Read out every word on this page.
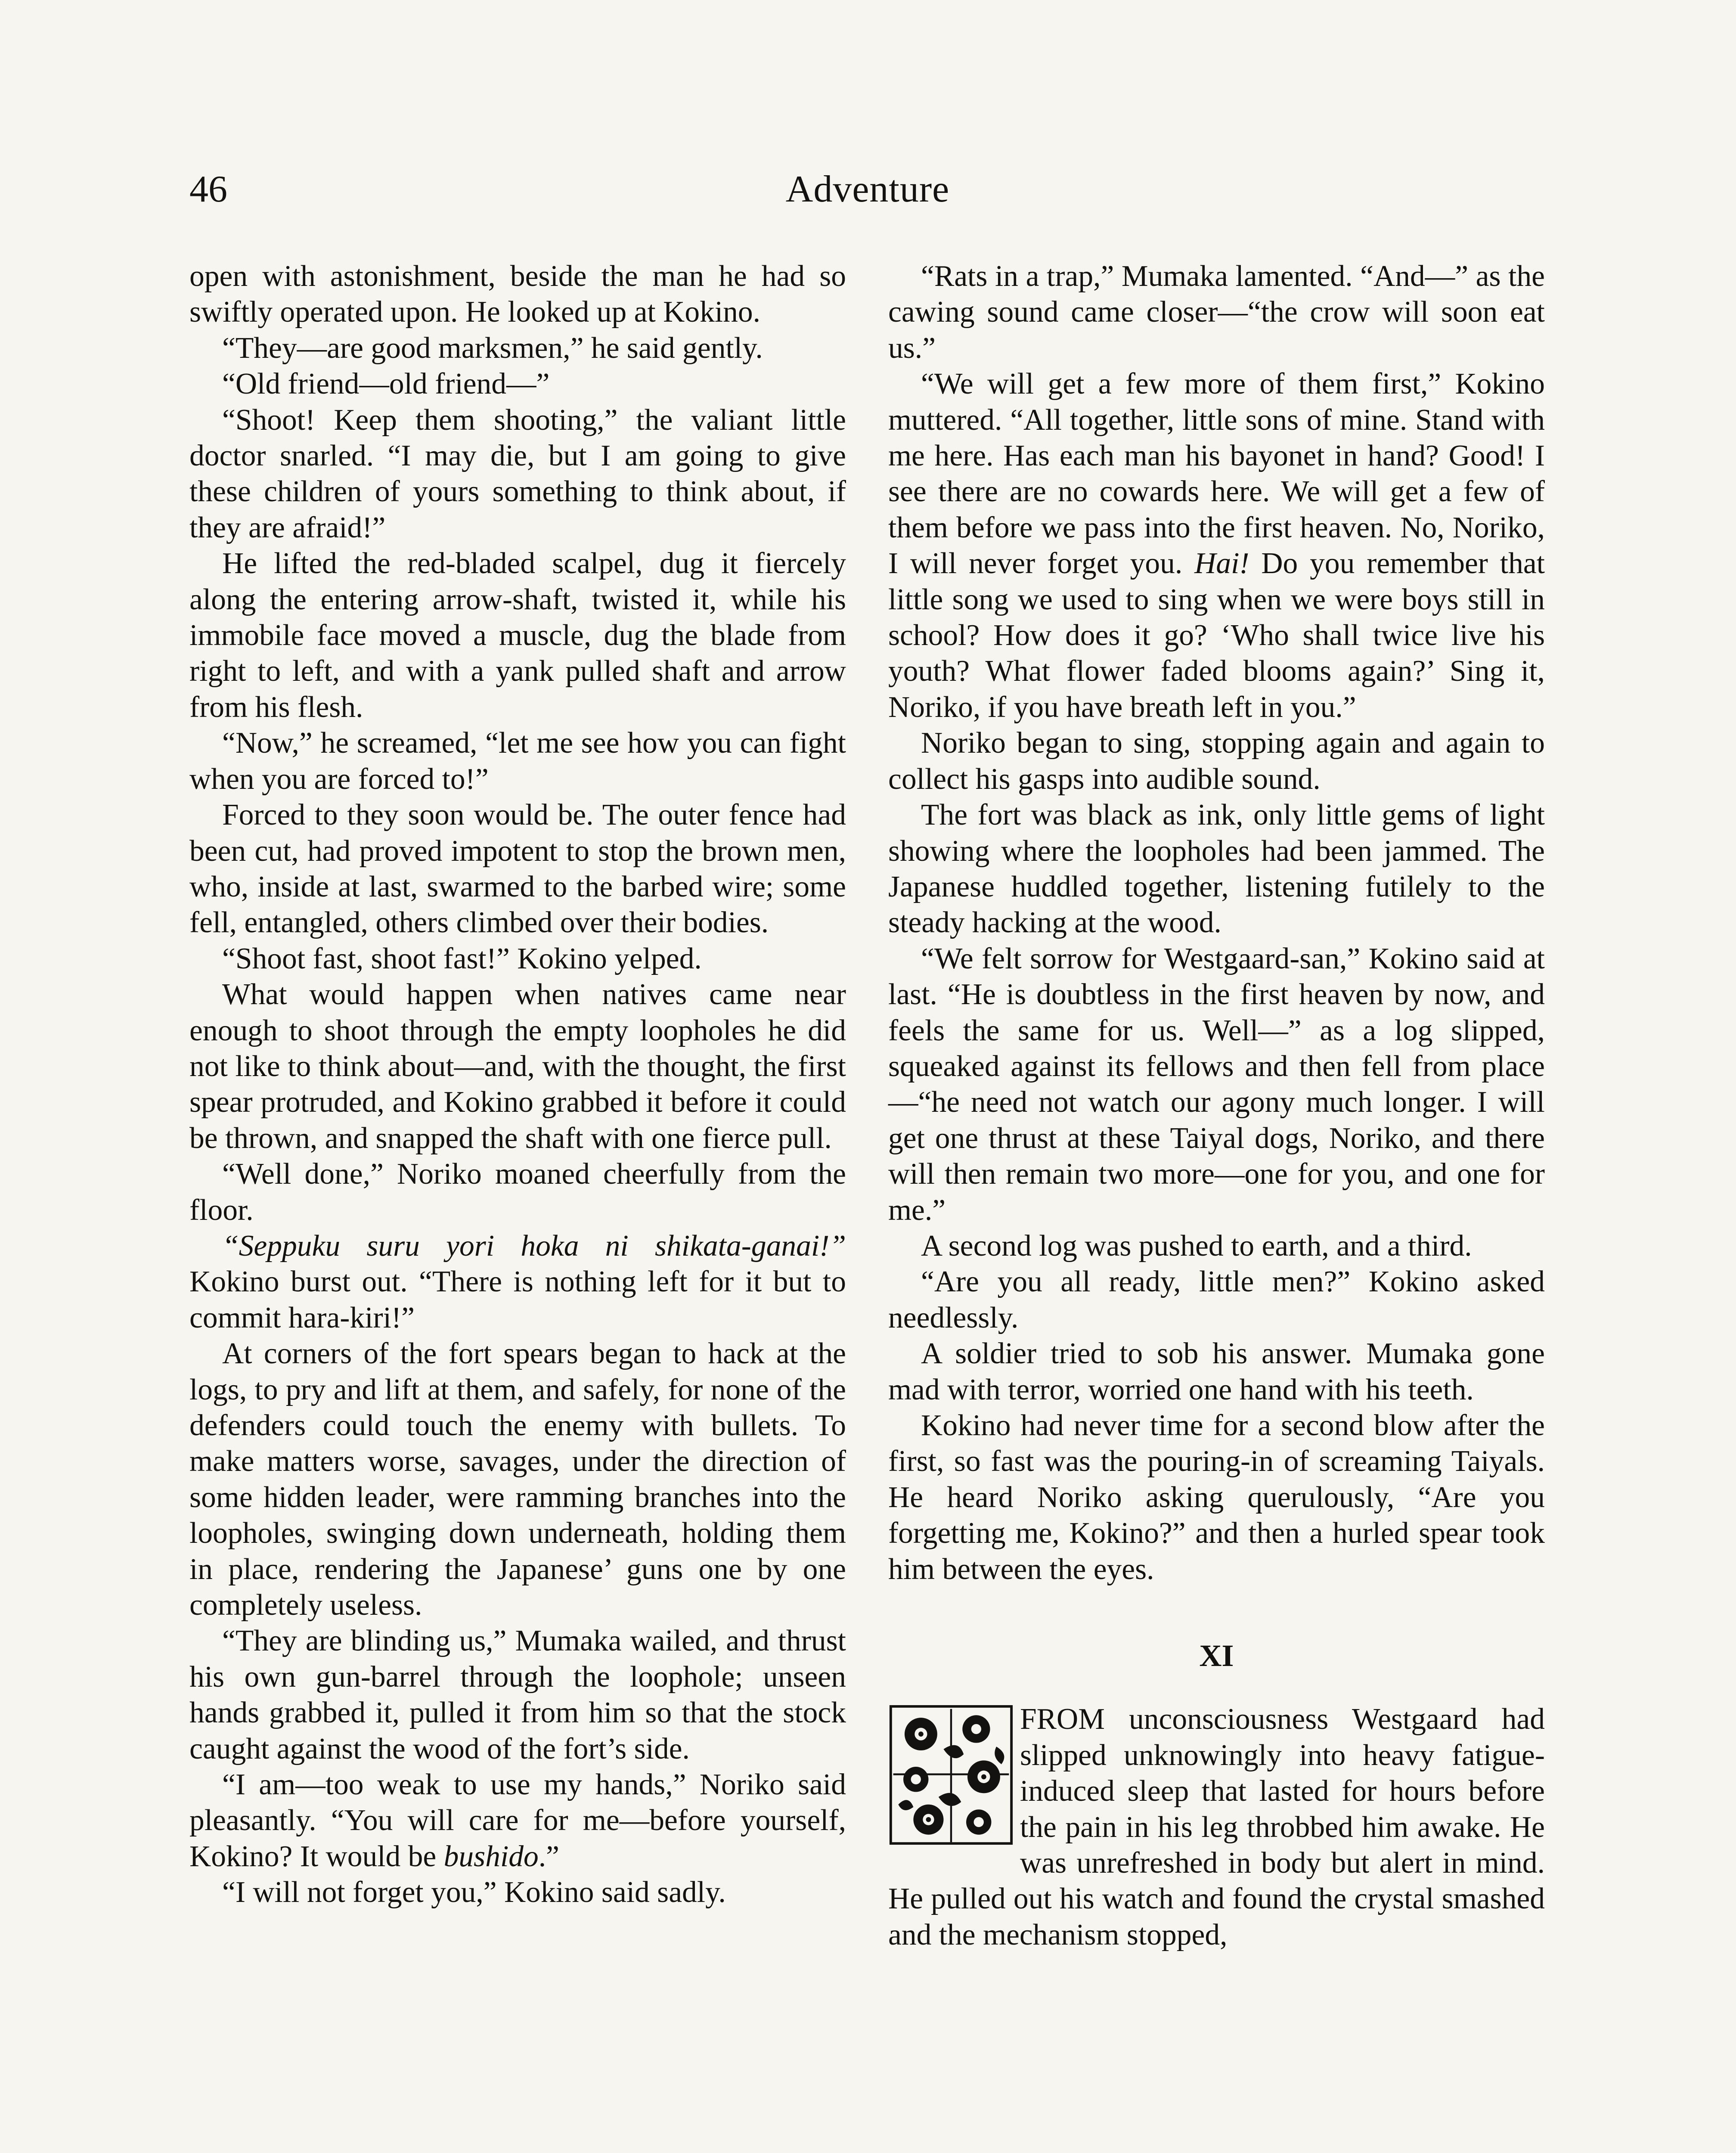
46	Adventure

open with astonishment, beside the man he had so swiftly operated upon. He looked up at Kokino.

“They—are good marksmen,” he said gently.

“Old friend—old friend—”

“Shoot! Keep them shooting,” the valiant little doctor snarled. “I may die, but I am going to give these children of yours something to think about, if they are afraid!”

He lifted the red-bladed scalpel, dug it fiercely along the entering arrow-shaft, twisted it, while his immobile face moved a muscle, dug the blade from right to left, and with a yank pulled shaft and arrow from his flesh.

“Now,” he screamed, “let me see how you can fight when you are forced to!”

Forced to they soon would be. The outer fence had been cut, had proved impotent to stop the brown men, who, inside at last, swarmed to the barbed wire; some fell, entangled, others climbed over their bodies.

“Shoot fast, shoot fast!” Kokino yelped.

What would happen when natives came near enough to shoot through the empty loopholes he did not like to think about—and, with the thought, the first spear protruded, and Kokino grabbed it before it could be thrown, and snapped the shaft with one fierce pull.

“Well done,” Noriko moaned cheerfully from the floor.

“Seppuku suru yori hoka ni shikata-ganai!” Kokino burst out. “There is nothing left for it but to commit hara-kiri!”

At corners of the fort spears began to hack at the logs, to pry and lift at them, and safely, for none of the defenders could touch the enemy with bullets. To make matters worse, savages, under the direction of some hidden leader, were ramming branches into the loopholes, swinging down underneath, holding them in place, rendering the Japanese’ guns one by one completely useless.

“They are blinding us,” Mumaka wailed, and thrust his own gun-barrel through the loophole; unseen hands grabbed it, pulled it from him so that the stock caught against the wood of the fort’s side.

“I am—too weak to use my hands,” Noriko said pleasantly. “You will care for me—before yourself, Kokino? It would be bushido.”

“I will not forget you,” Kokino said sadly.

“Rats in a trap,” Mumaka lamented. “And—” as the cawing sound came closer—“the crow will soon eat us.”

“We will get a few more of them first,” Kokino muttered. “All together, little sons of mine. Stand with me here. Has each man his bayonet in hand? Good! I see there are no cowards here. We will get a few of them before we pass into the first heaven. No, Noriko, I will never forget you. Hai! Do you remember that little song we used to sing when we were boys still in school? How does it go? ‘Who shall twice live his youth? What flower faded blooms again?’ Sing it, Noriko, if you have breath left in you.”

Noriko began to sing, stopping again and again to collect his gasps into audible sound.

The fort was black as ink, only little gems of light showing where the loopholes had been jammed. The Japanese huddled together, listening futilely to the steady hacking at the wood.

“We felt sorrow for Westgaard-san,” Kokino said at last. “He is doubtless in the first heaven by now, and feels the same for us. Well—” as a log slipped, squeaked against its fellows and then fell from place—“he need not watch our agony much longer. I will get one thrust at these Taiyal dogs, Noriko, and there will then remain two more—one for you, and one for me.”

A second log was pushed to earth, and a third.

“Are you all ready, little men?” Kokino asked needlessly.

A soldier tried to sob his answer. Mumaka gone mad with terror, worried one hand with his teeth.

Kokino had never time for a second blow after the first, so fast was the pouring-in of screaming Taiyals. He heard Noriko asking querulously, “Are you forgetting me, Kokino?” and then a hurled spear took him between the eyes.

XI

FROM unconsciousness Westgaard had slipped unknowingly into heavy fatigue-induced sleep that lasted for hours before the pain in his leg throbbed him awake. He was unrefreshed in body but alert in mind. He pulled out his watch and found the crystal smashed and the mechanism stopped,
